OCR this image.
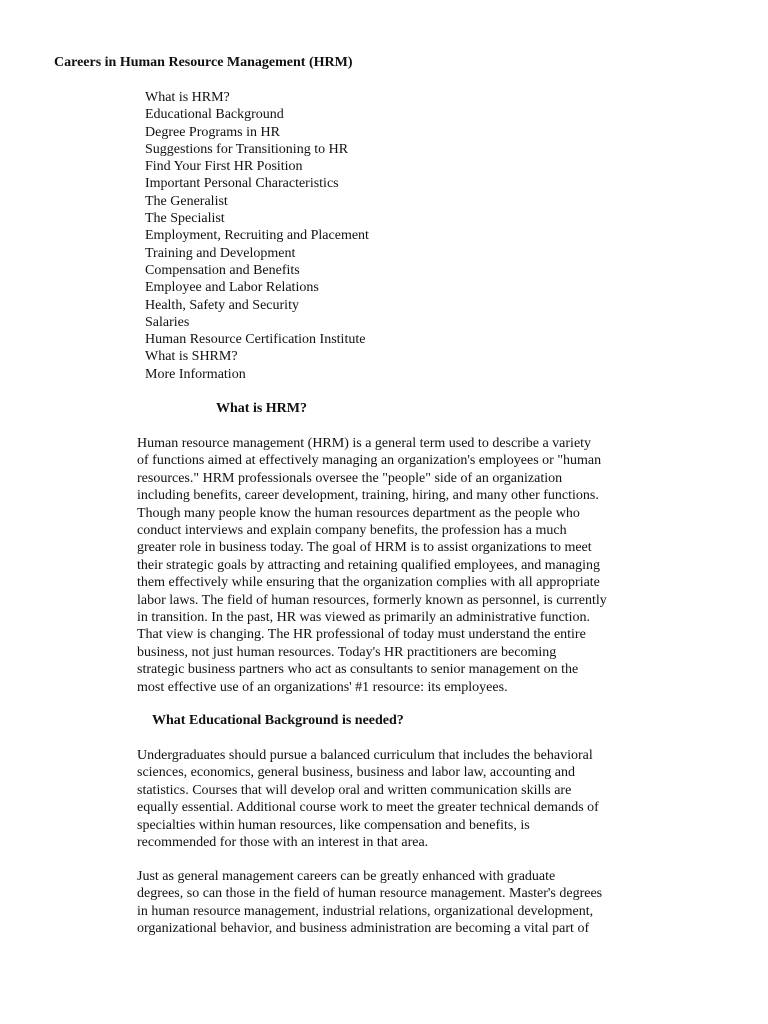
Careers in Human Resource Management (HRM)
What is HRM?
Educational Background
Degree Programs in HR
Suggestions for Transitioning to HR
Find Your First HR Position
Important Personal Characteristics
The Generalist
The Specialist
Employment, Recruiting and Placement
Training and Development
Compensation and Benefits
Employee and Labor Relations
Health, Safety and Security
Salaries
Human Resource Certification Institute
What is SHRM?
More Information
What is HRM?

Human resource management (HRM) is a general term used to describe a variety
of functions aimed at effectively managing an organization's employees or "human
resources." HRM professionals oversee the "people" side of an organization
including benefits, career development, training, hiring, and many other functions.
Though many people know the human resources department as the people who
conduct interviews and explain company benefits, the profession has a much
greater role in business today. The goal of HRM is to assist organizations to meet
their strategic goals by attracting and retaining qualified employees, and managing
them effectively while ensuring that the organization complies with all appropriate
labor laws. The field of human resources, formerly known as personnel, is currently
in transition. In the past, HR was viewed as primarily an administrative function.
That view is changing. The HR professional of today must understand the entire
business, not just human resources. Today's HR practitioners are becoming
strategic business partners who act as consultants to senior management on the
most effective use of an organizations' #1 resource: its employees.

What Educational Background is needed?

Undergraduates should pursue a balanced curriculum that includes the behavioral
sciences, economics, general business, business and labor law, accounting and
statistics. Courses that will develop oral and written communication skills are
equally essential. Additional course work to meet the greater technical demands of
specialties within human resources, like compensation and benefits, is
recommended for those with an interest in that area.

Just as general management careers can be greatly enhanced with graduate
degrees, so can those in the field of human resource management. Master's degrees
in human resource management, industrial relations, organizational development,
organizational behavior, and business administration are becoming a vital part of
